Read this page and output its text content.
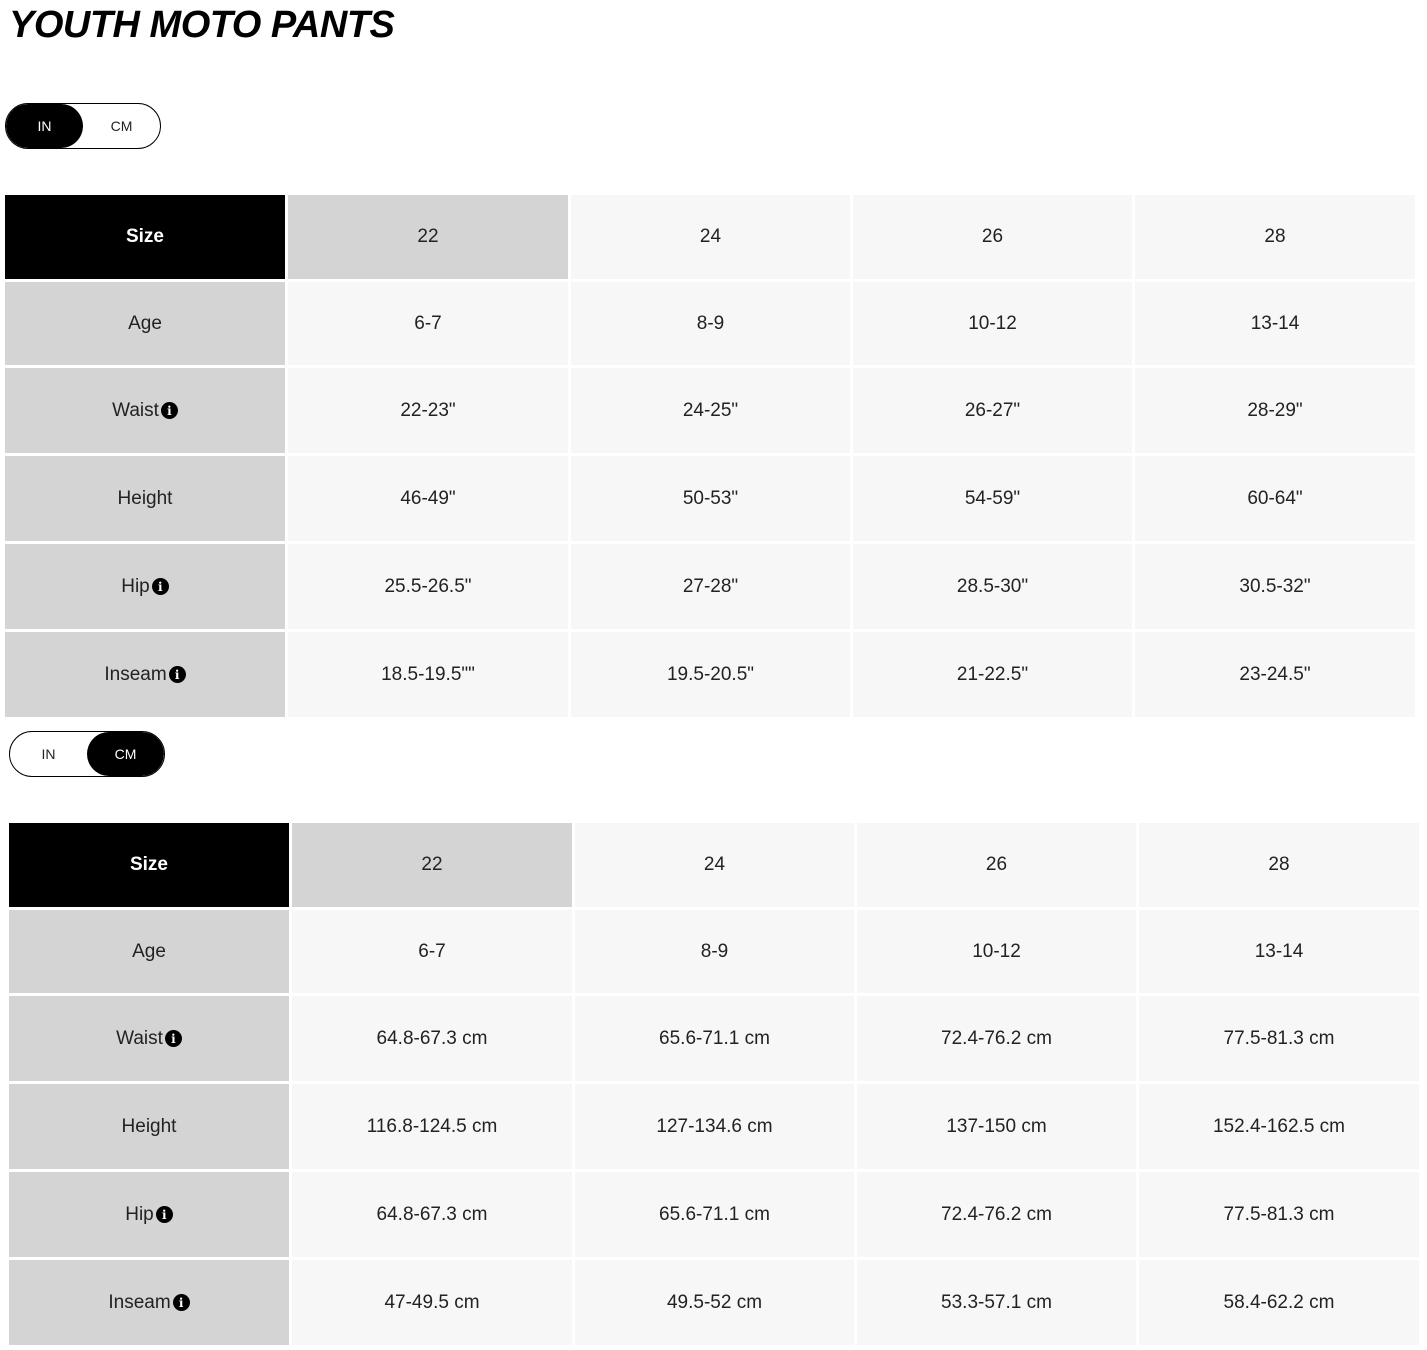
YOUTH MOTO PANTS
IN	CM
Size	22	24	26	28
Age	6-7	8-9	10-12	13-14
Waist i	22-23"	24-25"	26-27"	28-29"
Height	46-49"	50-53"	54-59"	60-64"
Hip i	25.5-26.5"	27-28"	28.5-30"	30.5-32"
Inseam i	18.5-19.5""	19.5-20.5"	21-22.5"	23-24.5"
IN	CM
Size	22	24	26	28
Age	6-7	8-9	10-12	13-14
Waist i	64.8-67.3 cm	65.6-71.1 cm	72.4-76.2 cm	77.5-81.3 cm
Height	116.8-124.5 cm	127-134.6 cm	137-150 cm	152.4-162.5 cm
Hip i	64.8-67.3 cm	65.6-71.1 cm	72.4-76.2 cm	77.5-81.3 cm
Inseam i	47-49.5 cm	49.5-52 cm	53.3-57.1 cm	58.4-62.2 cm
